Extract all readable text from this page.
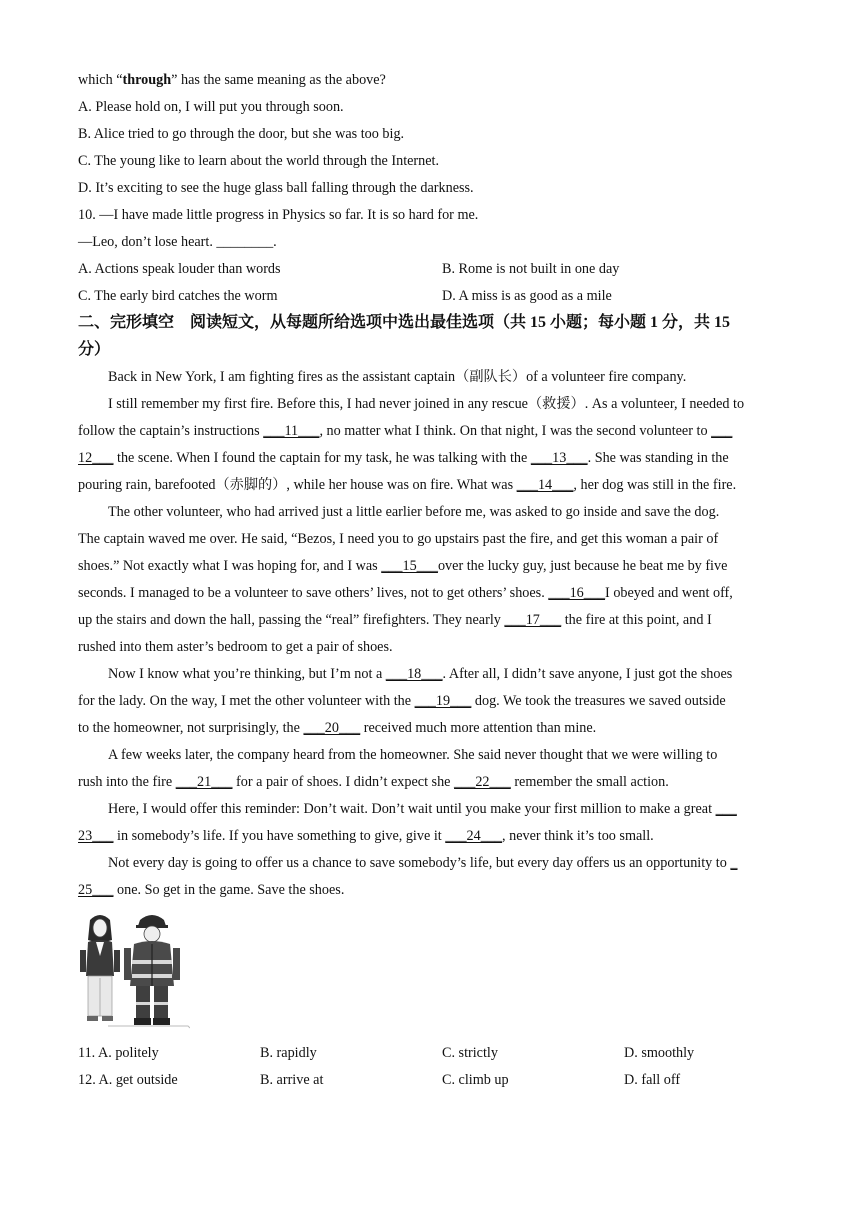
which “through” has the same meaning as the above?
A. Please hold on, I will put you through soon.
B. Alice tried to go through the door, but she was too big.
C. The young like to learn about the world through the Internet.
D. It’s exciting to see the huge glass ball falling through the darkness.
10. —I have made little progress in Physics so far. It is so hard for me.
—Leo, don’t lose heart. ________.
A. Actions speak louder than words	B. Rome is not built in one day
C. The early bird catches the worm	D. A miss is as good as a mile
二、完形填空　阅读短文，从每题所给选项中选出最佳选项（共 15 小题；每小题 1 分，共 15
分）
Back in New York, I am fighting fires as the assistant captain（副队长）of a volunteer fire company.
I still remember my first fire. Before this, I had never joined in any rescue（救援）. As a volunteer, I needed to
follow the captain’s instructions ___11___, no matter what I think. On that night, I was the second volunteer to ___
12___ the scene. When I found the captain for my task, he was talking with the ___13___. She was standing in the
pouring rain, barefooted（赤脚的）, while her house was on fire. What was ___14___, her dog was still in the fire.
The other volunteer, who had arrived just a little earlier before me, was asked to go inside and save the dog.
The captain waved me over. He said, “Bezos, I need you to go upstairs past the fire, and get this woman a pair of
shoes.” Not exactly what I was hoping for, and I was ___15___over the lucky guy, just because he beat me by five
seconds. I managed to be a volunteer to save others’ lives, not to get others’ shoes. ___16___I obeyed and went off,
up the stairs and down the hall, passing the “real” firefighters. They nearly ___17___ the fire at this point, and I
rushed into them aster’s bedroom to get a pair of shoes.
Now I know what you’re thinking, but I’m not a ___18___. After all, I didn’t save anyone, I just got the shoes
for the lady. On the way, I met the other volunteer with the ___19___ dog. We took the treasures we saved outside
to the homeowner, not surprisingly, the ___20___ received much more attention than mine.
A few weeks later, the company heard from the homeowner. She said never thought that we were willing to
rush into the fire ___21___ for a pair of shoes. I didn’t expect she ___22___ remember the small action.
Here, I would offer this reminder: Don’t wait. Don’t wait until you make your first million to make a great ___
23___ in somebody’s life. If you have something to give, give it ___24___, never think it’s too small.
Not every day is going to offer us a chance to save somebody’s life, but every day offers us an opportunity to _
25___ one. So get in the game. Save the shoes.
11. A. politely	B. rapidly	C. strictly	D. smoothly
12. A. get outside	B. arrive at	C. climb up	D. fall off
